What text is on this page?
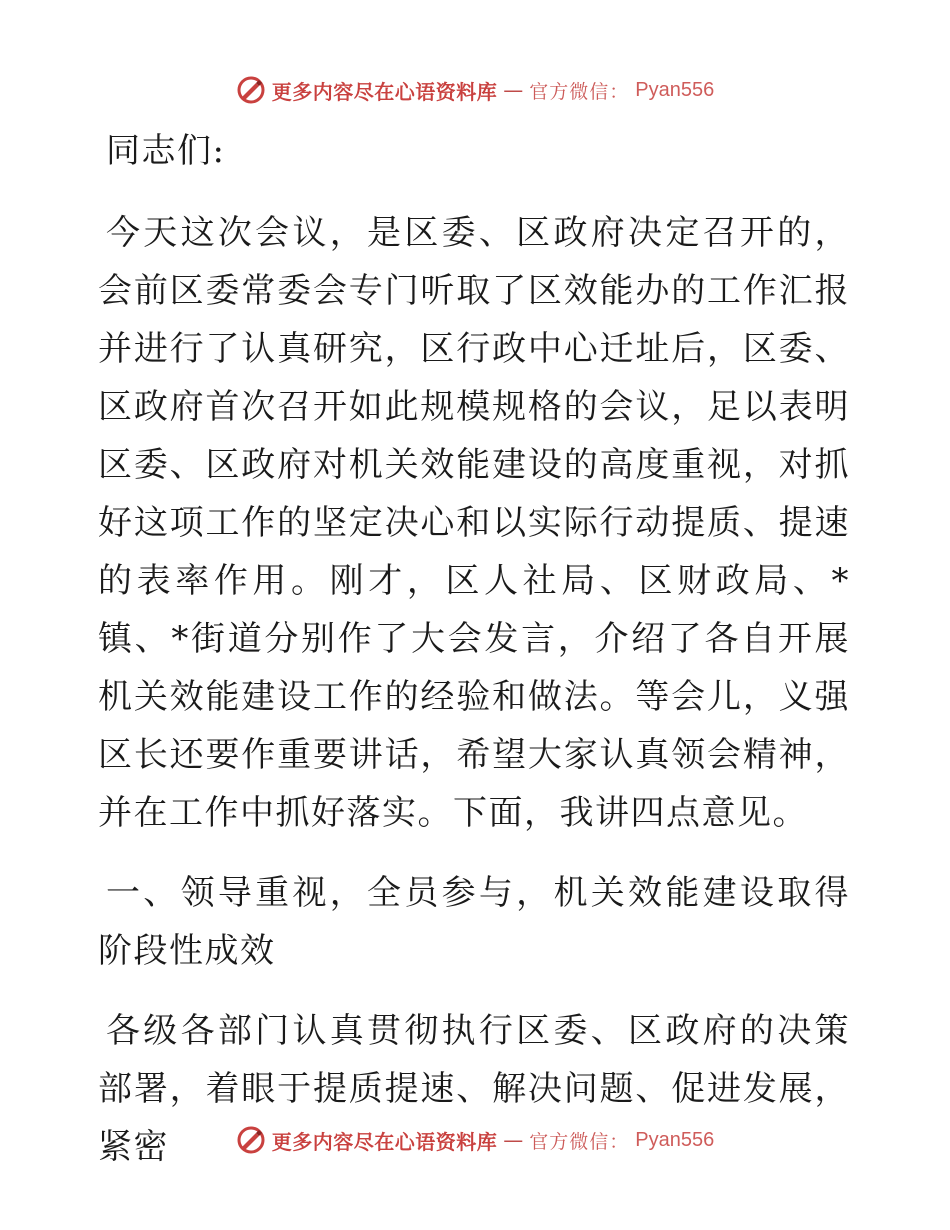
更多内容尽在心语资料库 — 官方微信： Pyan556

同志们:

今天这次会议，是区委、区政府决定召开的，会前区委常委会专门听取了区效能办的工作汇报并进行了认真研究，区行政中心迁址后，区委、区政府首次召开如此规模规格的会议，足以表明区委、区政府对机关效能建设的高度重视，对抓好这项工作的坚定决心和以实际行动提质、提速的表率作用。刚才，区人社局、区财政局、*镇、*街道分别作了大会发言，介绍了各自开展机关效能建设工作的经验和做法。等会儿，义强区长还要作重要讲话，希望大家认真领会精神，并在工作中抓好落实。下面，我讲四点意见。

一、领导重视，全员参与，机关效能建设取得阶段性成效

各级各部门认真贯彻执行区委、区政府的决策部署，着眼于提质提速、解决问题、促进发展，紧密	更多内容尽在心语资料库 — 官方微信： Pyan556
